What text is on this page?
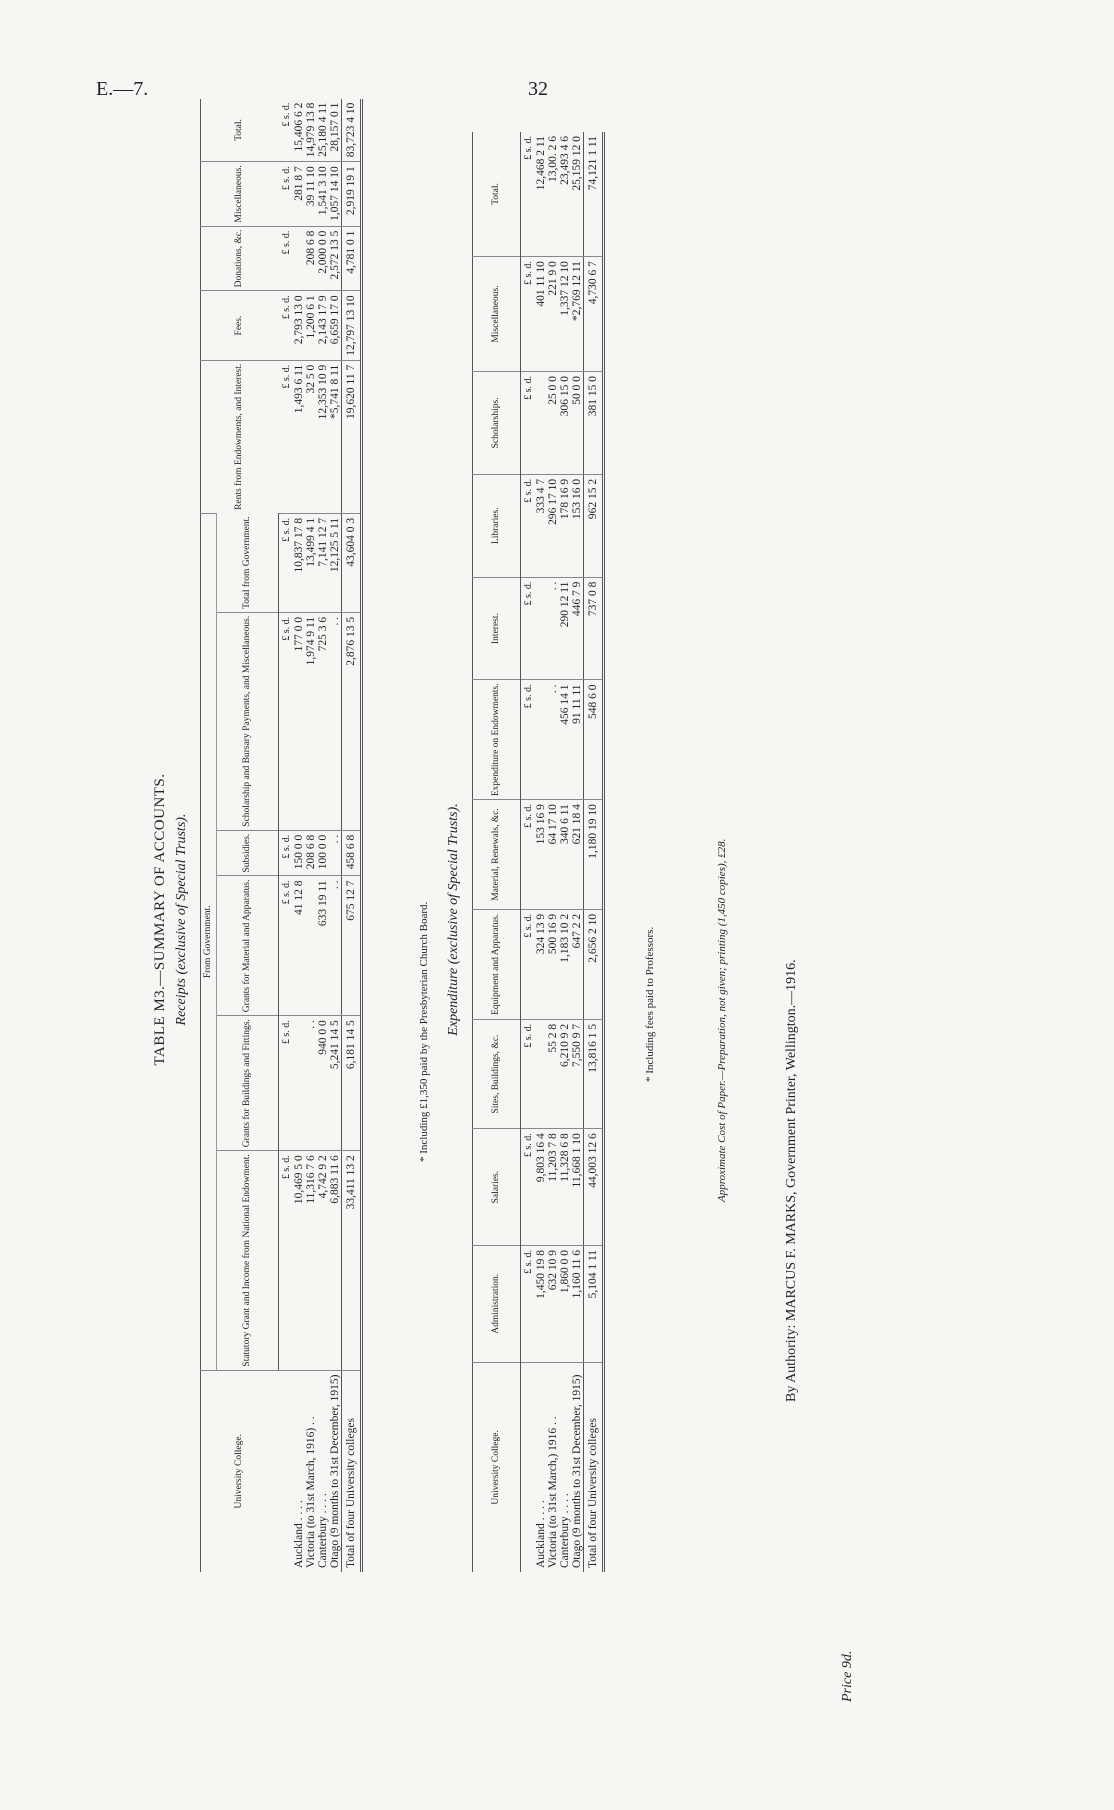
E.—7.	32
TABLE M3.—SUMMARY OF ACCOUNTS. Receipts (exclusive of Special Trusts).
University College.	From Government.						Rents from Endowments, and Interest.	Fees.	Donations, &c.	Miscellaneous.	Total.
	Statutory Grant and Income from National Endowment.	Grants for Buildings and Fittings.	Grants for Material and Apparatus.	Subsidies.	Scholarship and Bursary Payments, and Miscellaneous.	Total from Government.					
	£ s. d.	£ s. d.	£ s. d.	£ s. d.	£ s. d.	£ s. d.	£ s. d.	£ s. d.	£ s. d.	£ s. d.	£ s. d.
Auckland . . . .	10,469 5 0		41 12 8	150 0 0	177 0 0	10,837 17 8	1,493 6 11	2,793 13 0		281 8 7	15,406 6 2
Victoria (to 31st March, 1916) . .	11,316 7 6	. .		208 6 8	1,974 9 11	13,499 4 1	32 5 0	1,200 6 1	208 6 8	39 11 10	14,979 13 8
Canterbury . . . .	4,742 9 2	940 0 0	633 19 11	100 0 0	725 3 6	7,141 12 7	12,353 10 9	2,143 17 9	2,000 0 0	1,541 3 10	25,180 4 11
Otago (9 months to 31st December, 1915)	6,883 11 6	5,241 14 5	. .	. .	. .	12,125 5 11	*5,741 8 11	6,659 17 0	2,572 13 5	1,057 14 10	28,157 0 1
Total of four University colleges	33,411 13 2	6,181 14 5	675 12 7	458 6 8	2,876 13 5	43,604 0 3	19,620 11 7	12,797 13 10	4,781 0 1	2,919 19 1	83,723 4 10
* Including £1,350 paid by the Presbyterian Church Board. Expenditure (exclusive of Special Trusts).
University College.	Administration.	Salaries.	Sites, Buildings, &c.	Equipment and Apparatus.	Material, Renewals, &c.	Expenditure on Endowments.	Interest.	Libraries.	Scholarships.	Miscellaneous.	Total.
	£ s. d.	£ s. d.	£ s. d.	£ s. d.	£ s. d.	£ s. d.	£ s. d.	£ s. d.	£ s. d.	£ s. d.	£ s. d.
Auckland . . . .	1,450 19 8	9,803 16 4		324 13 9	153 16 9			333 4 7		401 11 10	12,468 2 11
Victoria (to 31st March,) 1916 . .	632 10 9	11,203 7 8	55 2 8	500 16 9	64 17 10	. .	. .	296 17 10	25 0 0	221 9 0	13,00. 2 6
Canterbury . . . .	1,860 0 0	11,328 6 8	6,210 9 2	1,183 10 2	340 6 11	456 14 1	290 12 11	178 16 9	306 15 0	1,337 12 10	23,493 4 6
Otago (9 months to 31st December, 1915)	1,160 11 6	11,668 1 10	7,550 9 7	647 2 2	621 18 4	91 11 11	446 7 9	153 16 0	50 0 0	*2,769 12 11	25,159 12 0
Total of four University colleges	5,104 1 11	44,003 12 6	13,816 1 5	2,656 2 10	1,180 19 10	548 6 0	737 0 8	962 15 2	381 15 0	4,730 6 7	74,121 1 11
* Including fees paid to Professors.	Approximate Cost of Paper.—Preparation, not given; printing (1,450 copies), £28.	By Authority: MARCUS F. MARKS, Government Printer, Wellington.—1916.
Price 9d.
